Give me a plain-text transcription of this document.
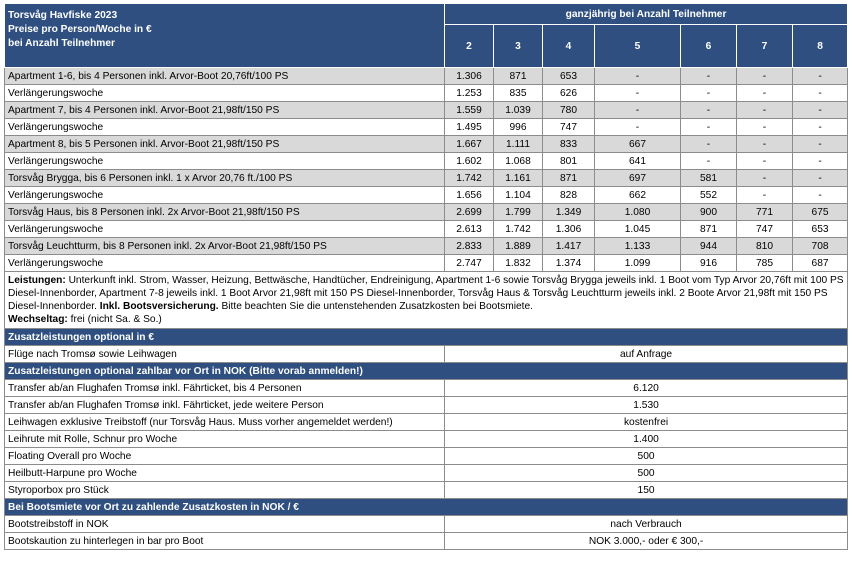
Torsvåg Havfiske 2023
Preise pro Person/Woche in €
bei Anzahl Teilnehmer	ganzjährig bei Anzahl Teilnehmer						
	2	3	4	5	6	7	8
Apartment 1-6, bis 4 Personen inkl. Arvor-Boot 20,76ft/100 PS	1.306	871	653	-	-	-	-
Verlängerungswoche	1.253	835	626	-	-	-	-
Apartment 7, bis 4 Personen inkl. Arvor-Boot 21,98ft/150 PS	1.559	1.039	780	-	-	-	-
Verlängerungswoche	1.495	996	747	-	-	-	-
Apartment 8, bis 5 Personen inkl. Arvor-Boot 21,98ft/150 PS	1.667	1.111	833	667	-	-	-
Verlängerungswoche	1.602	1.068	801	641	-	-	-
Torsvåg Brygga, bis 6 Personen inkl. 1 x Arvor 20,76 ft./100 PS	1.742	1.161	871	697	581	-	-
Verlängerungswoche	1.656	1.104	828	662	552	-	-
Torsvåg Haus, bis 8 Personen inkl. 2x Arvor-Boot 21,98ft/150 PS	2.699	1.799	1.349	1.080	900	771	675
Verlängerungswoche	2.613	1.742	1.306	1.045	871	747	653
Torsvåg Leuchtturm, bis 8 Personen inkl. 2x Arvor-Boot 21,98ft/150 PS	2.833	1.889	1.417	1.133	944	810	708
Verlängerungswoche	2.747	1.832	1.374	1.099	916	785	687

Leistungen: Unterkunft inkl. Strom, Wasser, Heizung, Bettwäsche, Handtücher, Endreinigung, Apartment 1-6 sowie Torsvåg Brygga jeweils inkl. 1 Boot vom Typ Arvor 20,76ft mit 100 PS Diesel-Innenborder, Apartment 7-8 jeweils inkl. 1 Boot Arvor 21,98ft mit 150 PS Diesel-Innenborder, Torsvåg Haus & Torsvåg Leuchtturm jeweils inkl. 2 Boote Arvor 21,98ft mit 150 PS Diesel-Innenborder. Inkl. Bootsversicherung. Bitte beachten Sie die untenstehenden Zusatzkosten bei Bootsmiete.
Wechseltag: frei (nicht Sa. & So.)							

Zusatzleistungen optional in €							
Flüge nach Tromsø sowie Leihwagen	auf Anfrage						
Zusatzleistungen optional zahlbar vor Ort in NOK (Bitte vorab anmelden!)							
Transfer ab/an Flughafen Tromsø inkl. Fährticket, bis 4 Personen	6.120						
Transfer ab/an Flughafen Tromsø inkl. Fährticket, jede weitere Person	1.530						
Leihwagen exklusive Treibstoff (nur Torsvåg Haus. Muss vorher angemeldet werden!)	kostenfrei						
Leihrute mit Rolle, Schnur pro Woche	1.400						
Floating Overall pro Woche	500						
Heilbutt-Harpune pro Woche	500						
Styroporbox pro Stück	150						
Bei Bootsmiete vor Ort zu zahlende Zusatzkosten in NOK / €							
Bootstreibstoff in NOK	nach Verbrauch						
Bootskaution zu hinterlegen in bar pro Boot	NOK 3.000,- oder € 300,-						
